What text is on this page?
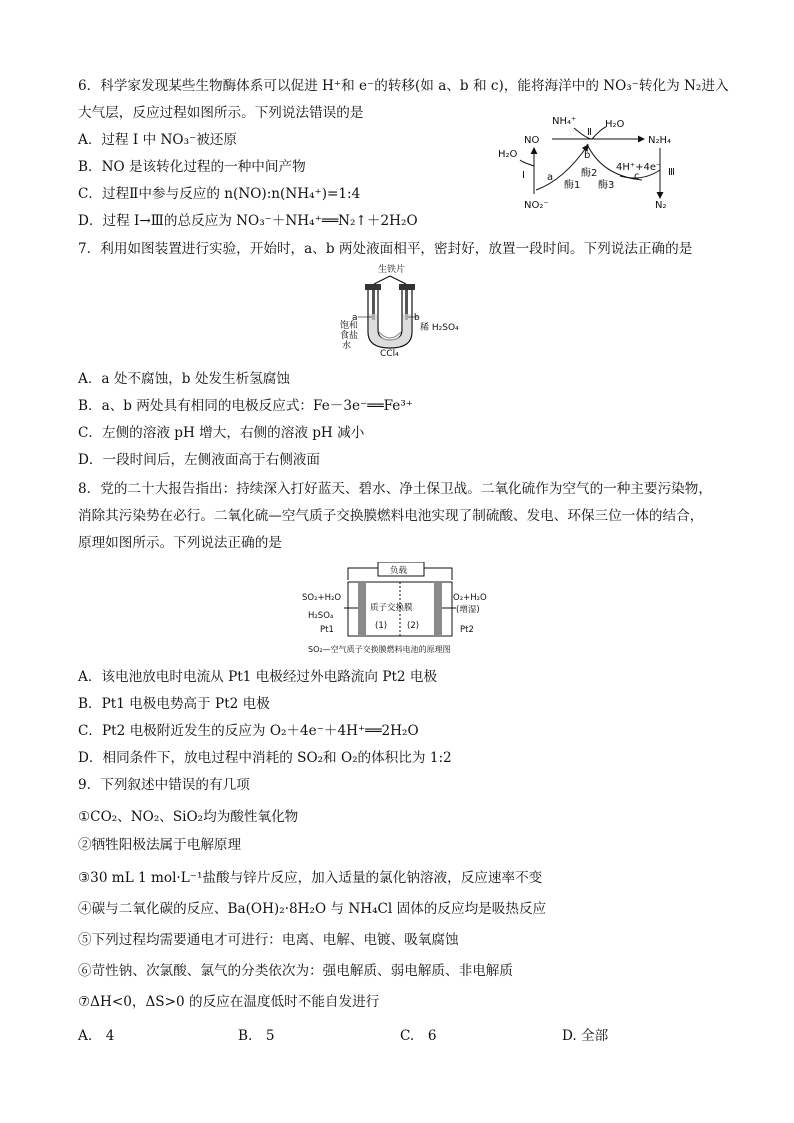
6．科学家发现某些生物酶体系可以促进 H⁺和 e⁻的转移(如 a、b 和 c)，能将海洋中的 NO₃⁻转化为 N₂进入
大气层，反应过程如图所示。下列说法错误的是
A．过程 Ⅰ 中 NO₃⁻被还原
B．NO 是该转化过程的一种中间产物
C．过程Ⅱ中参与反应的 n(NO):n(NH₄⁺)=1:4
D．过程 Ⅰ→Ⅲ的总反应为 NO₃⁻＋NH₄⁺══N₂↑＋2H₂O
NO
NH₄⁺
Ⅱ
H₂O
N₂H₄
H₂O
Ⅰ a
b
酶2
酶1 酶3
c
4H⁺+4e⁻ Ⅲ
NO₂⁻	N₂
7．利用如图装置进行实验，开始时，a、b 两处液面相平，密封好，放置一段时间。下列说法正确的是
生铁片
a	b
饱和
食盐
水
稀 H₂SO₄
CCl₄
A．a 处不腐蚀，b 处发生析氢腐蚀
B．a、b 两处具有相同的电极反应式：Fe－3e⁻══Fe³⁺
C．左侧的溶液 pH 增大，右侧的溶液 pH 减小
D．一段时间后，左侧液面高于右侧液面
8．党的二十大报告指出：持续深入打好蓝天、碧水、净土保卫战。二氧化硫作为空气的一种主要污染物，
消除其污染势在必行。二氧化硫—空气质子交换膜燃料电池实现了制硫酸、发电、环保三位一体的结合，
原理如图所示。下列说法正确的是
负载
SO₂+H₂O
H₂SO₄
Pt1
质子交换膜
(1) (2)
O₂+H₂O
(增湿)
Pt2
SO₂—空气质子交换膜燃料电池的原理图
A．该电池放电时电流从 Pt1 电极经过外电路流向 Pt2 电极
B．Pt1 电极电势高于 Pt2 电极
C．Pt2 电极附近发生的反应为 O₂＋4e⁻＋4H⁺══2H₂O
D．相同条件下，放电过程中消耗的 SO₂和 O₂的体积比为 1:2
9．下列叙述中错误的有几项
①CO₂、NO₂、SiO₂均为酸性氧化物
②牺牲阳极法属于电解原理
③30 mL 1 mol·L⁻¹盐酸与锌片反应，加入适量的氯化钠溶液，反应速率不变
④碳与二氧化碳的反应、Ba(OH)₂·8H₂O 与 NH₄Cl 固体的反应均是吸热反应
⑤下列过程均需要通电才可进行：电离、电解、电镀、吸氧腐蚀
⑥苛性钠、次氯酸、氯气的分类依次为：强电解质、弱电解质、非电解质
⑦ΔH<0，ΔS>0 的反应在温度低时不能自发进行
A.　4	B.　5	C.　6	D. 全部
